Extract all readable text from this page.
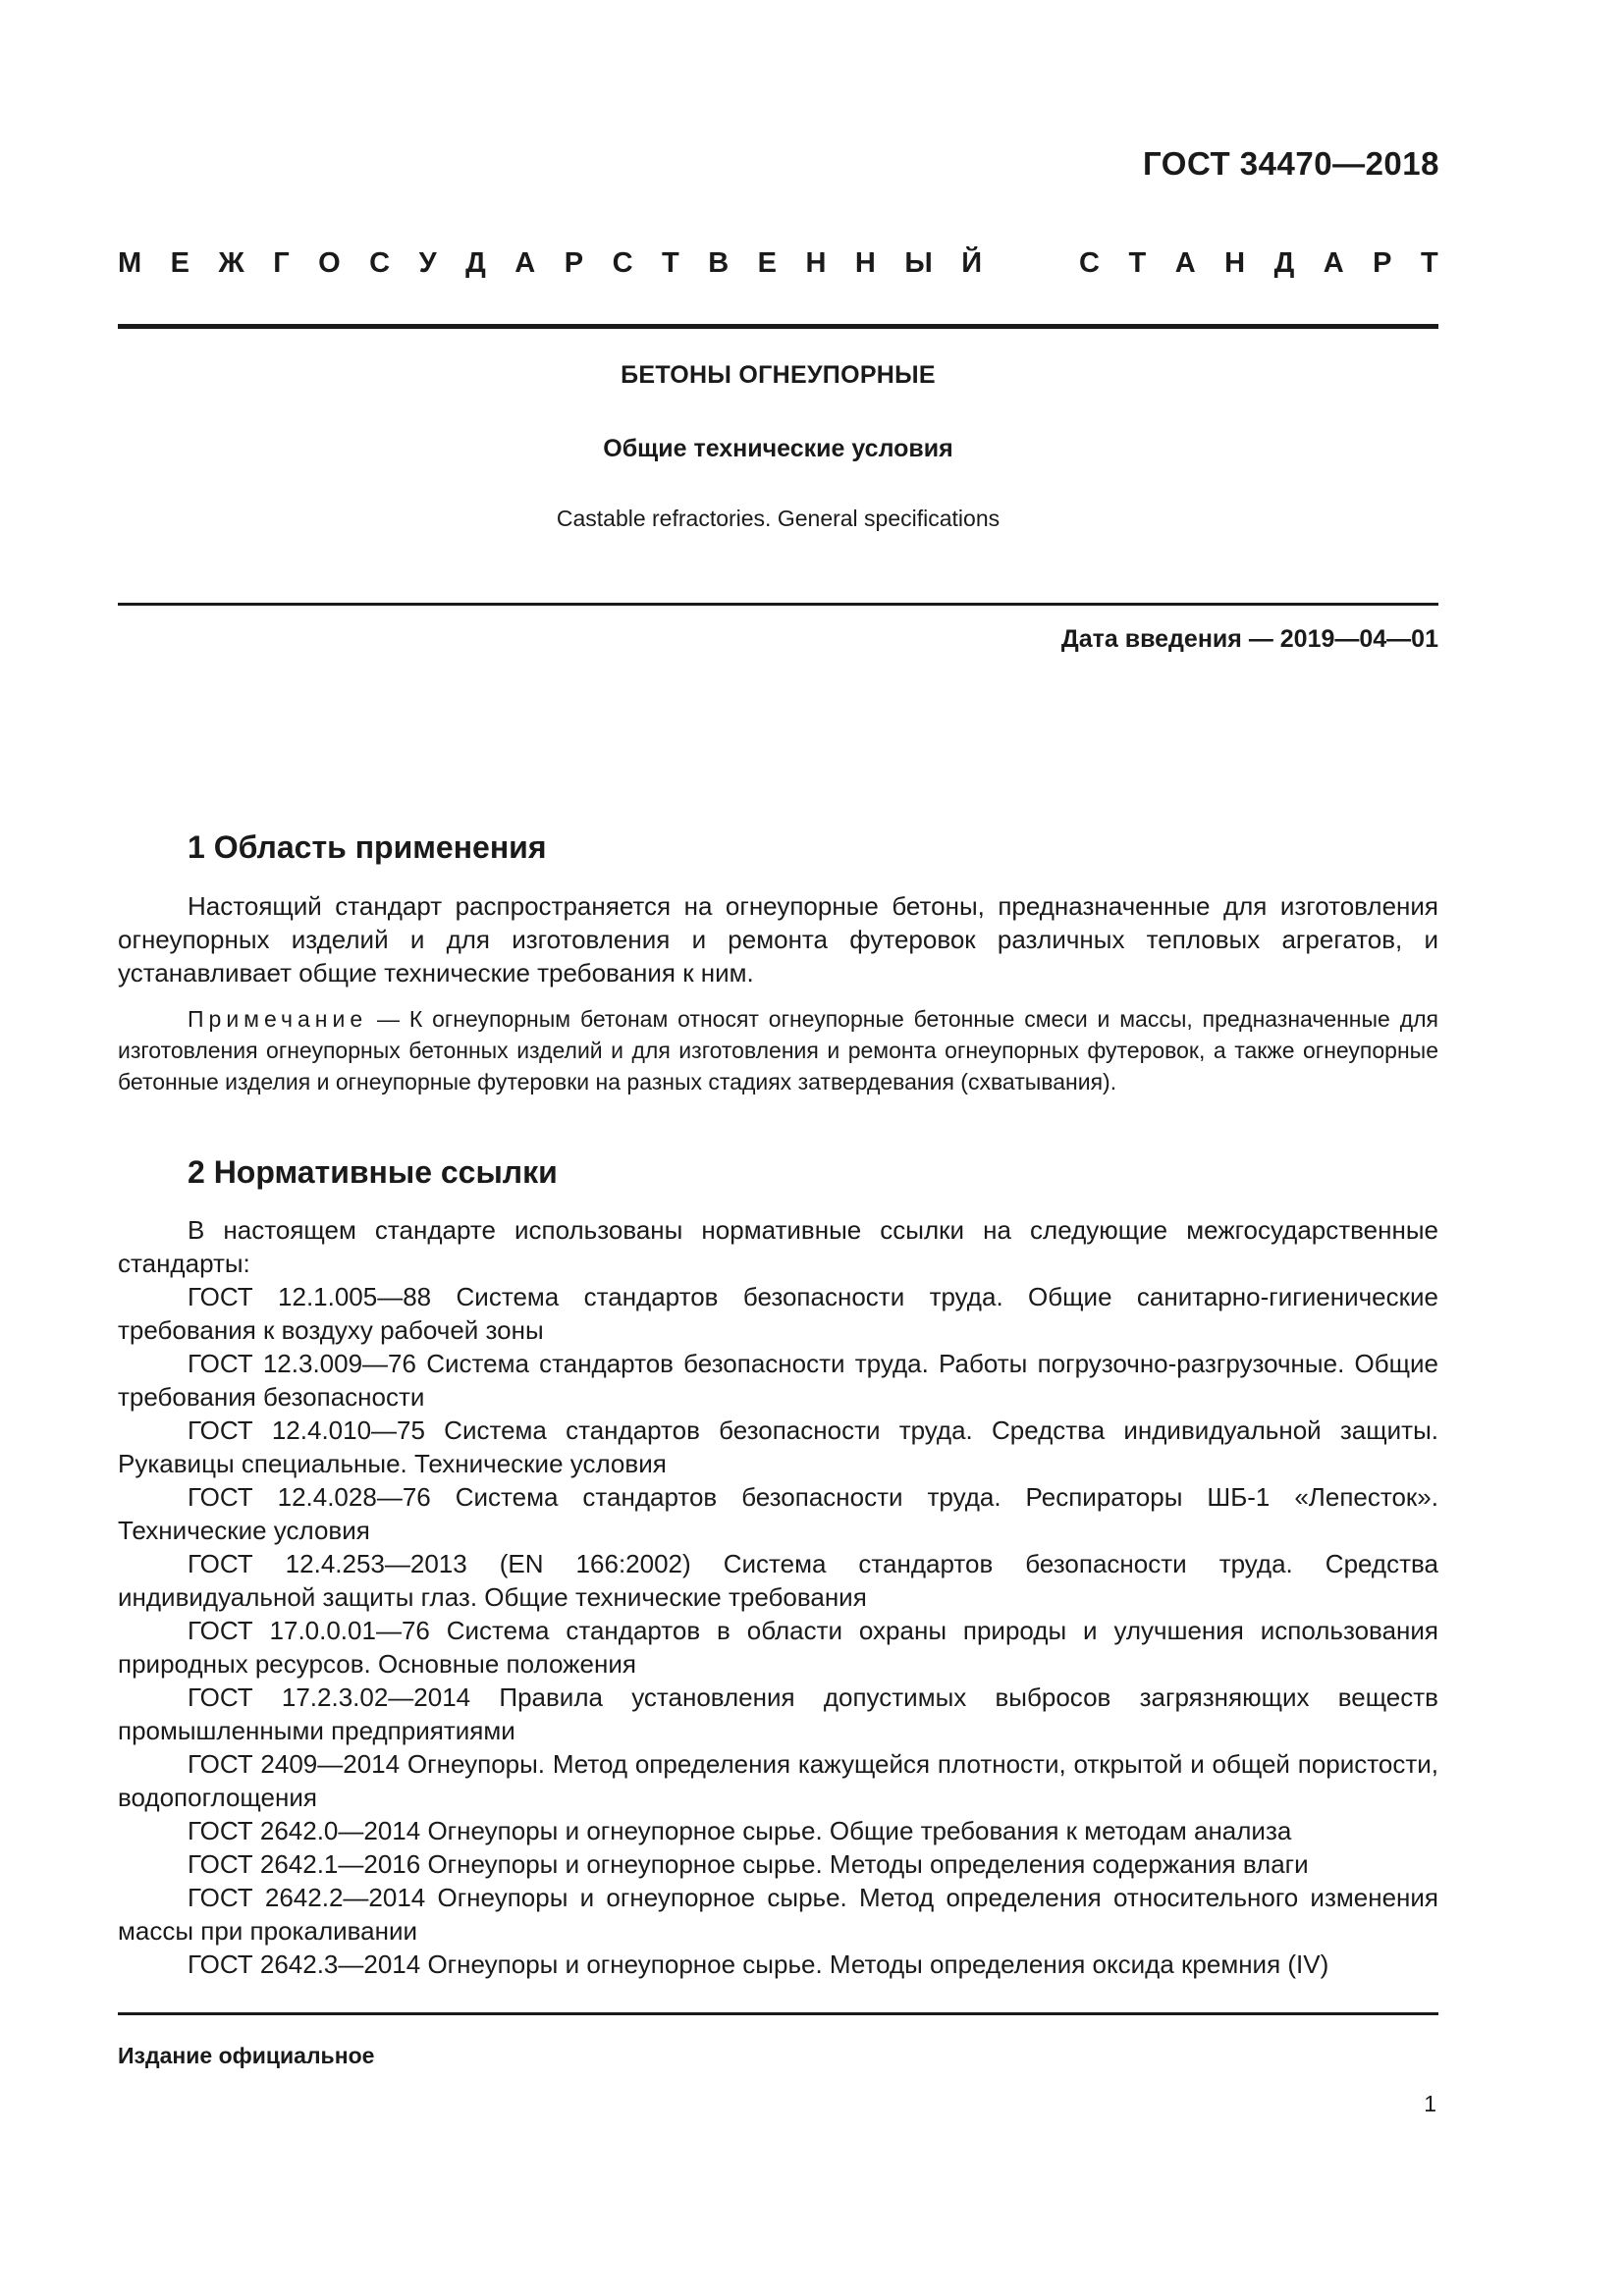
ГОСТ 34470—2018
М Е Ж Г О С У Д А Р С Т В Е Н Н Ы Й	С Т А Н Д А Р Т
БЕТОНЫ ОГНЕУПОРНЫЕ
Общие технические условия
Castable refractories. General specifications
Дата введения — 2019—04—01
1 Область применения

Настоящий стандарт распространяется на огнеупорные бетоны, предназначенные для изготовления огнеупорных изделий и для изготовления и ремонта футеровок различных тепловых агрегатов, и устанавливает общие технические требования к ним.

Примечание — К огнеупорным бетонам относят огнеупорные бетонные смеси и массы, предназначенные для изготовления огнеупорных бетонных изделий и для изготовления и ремонта огнеупорных футеровок, а также огнеупорные бетонные изделия и огнеупорные футеровки на разных стадиях затвердевания (схватывания).

2 Нормативные ссылки

В настоящем стандарте использованы нормативные ссылки на следующие межгосударственные стандарты:

ГОСТ 12.1.005—88 Система стандартов безопасности труда. Общие санитарно-гигиенические требования к воздуху рабочей зоны

ГОСТ 12.3.009—76 Система стандартов безопасности труда. Работы погрузочно-разгрузочные. Общие требования безопасности

ГОСТ 12.4.010—75 Система стандартов безопасности труда. Средства индивидуальной защиты. Рукавицы специальные. Технические условия

ГОСТ 12.4.028—76 Система стандартов безопасности труда. Респираторы ШБ-1 «Лепесток». Технические условия

ГОСТ 12.4.253—2013 (EN 166:2002) Система стандартов безопасности труда. Средства индивидуальной защиты глаз. Общие технические требования

ГОСТ 17.0.0.01—76 Система стандартов в области охраны природы и улучшения использования природных ресурсов. Основные положения

ГОСТ 17.2.3.02—2014 Правила установления допустимых выбросов загрязняющих веществ промышленными предприятиями

ГОСТ 2409—2014 Огнеупоры. Метод определения кажущейся плотности, открытой и общей пористости, водопоглощения

ГОСТ 2642.0—2014 Огнеупоры и огнеупорное сырье. Общие требования к методам анализа

ГОСТ 2642.1—2016 Огнеупоры и огнеупорное сырье. Методы определения содержания влаги

ГОСТ 2642.2—2014 Огнеупоры и огнеупорное сырье. Метод определения относительного изменения массы при прокаливании

ГОСТ 2642.3—2014 Огнеупоры и огнеупорное сырье. Методы определения оксида кремния (IV)

Издание официальное
1
